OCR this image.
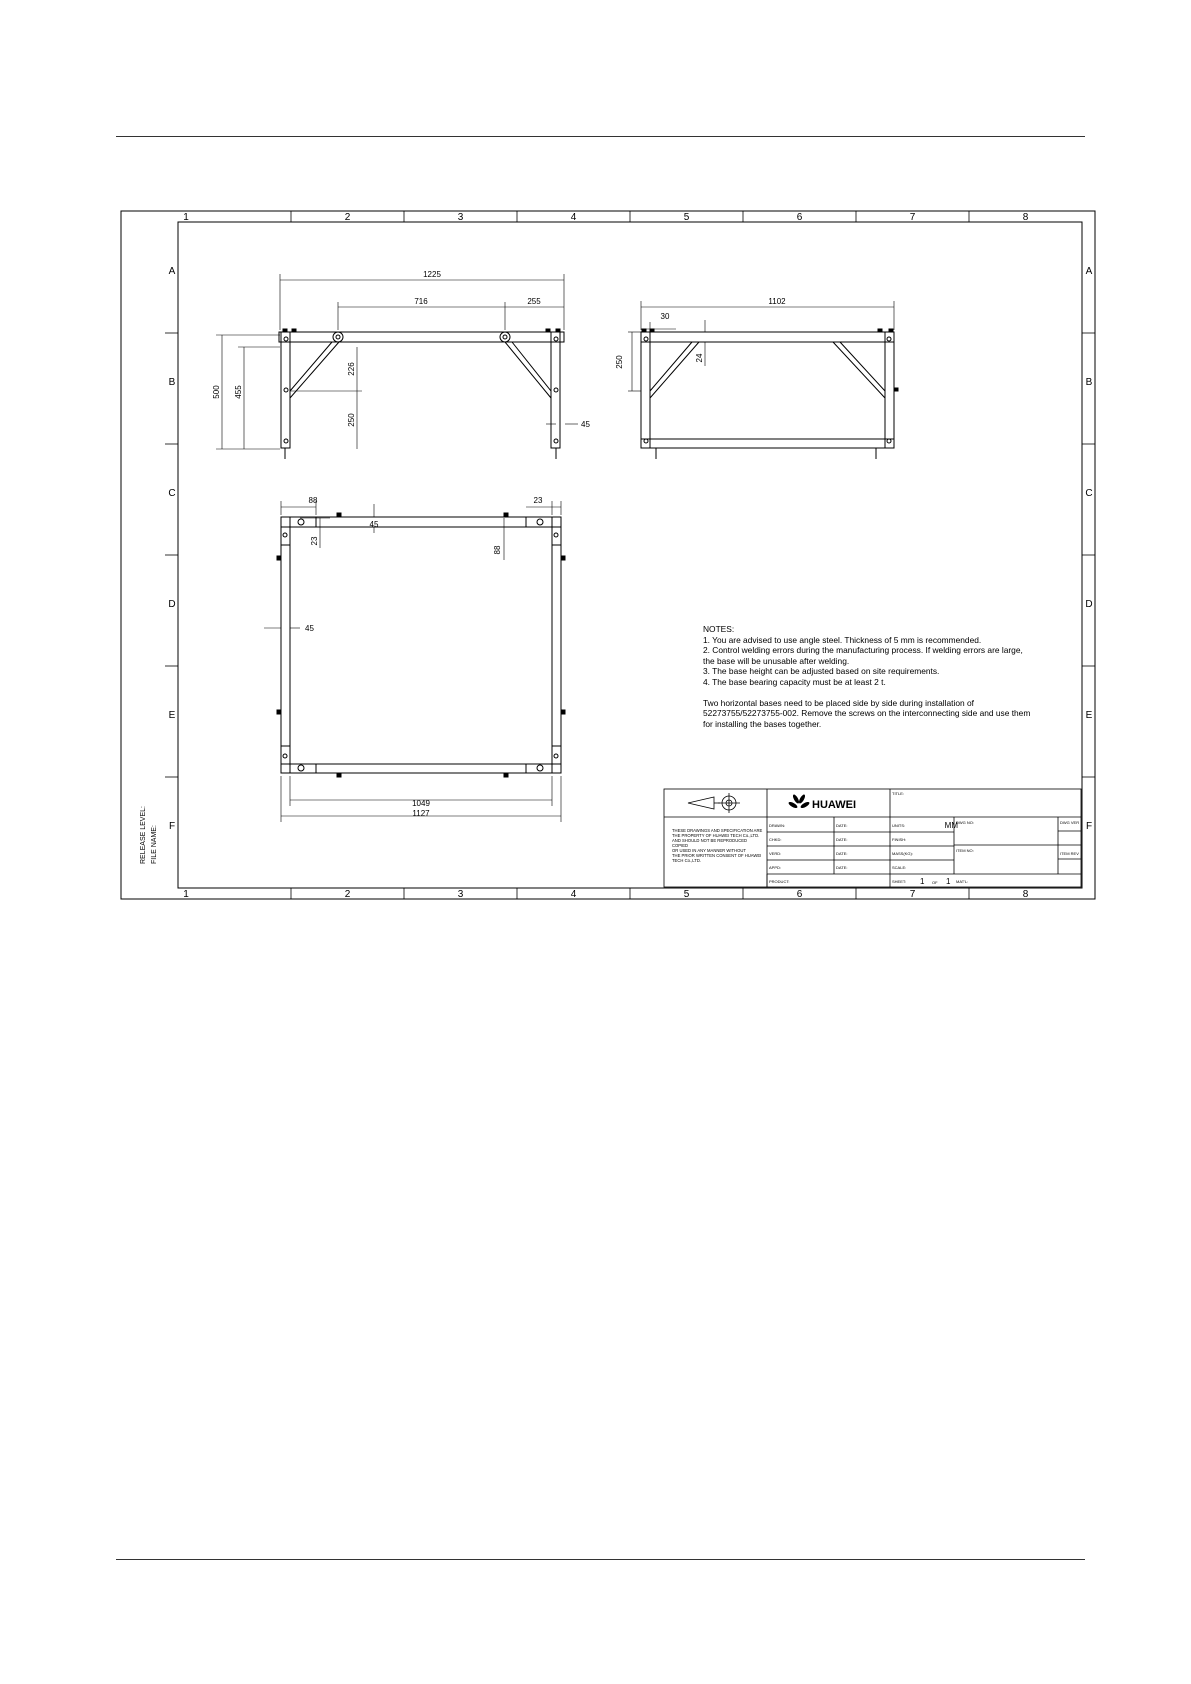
1
1
2
2
3
3
4
4
5
5
6
6
7
7
8
8
A	A
B	B
C	C
D	D
E	E
F	F
1225
716	255
500 455
226
250	45
1102
30
250	24
88	23
45
23
88
45
1049
1127
HUAWEI
MM
1 OF 1
NOTES:
1. You are advised to use angle steel. Thickness of 5 mm is recommended.
2. Control welding errors during the manufacturing process. If welding errors are large,
the base will be unusable after welding.
3. The base height can be adjusted based on site requirements.
4. The base bearing capacity must be at least 2 t.
Two horizontal bases need to be placed side by side during installation of
52273755/52273755-002. Remove the screws on the interconnecting side and use them
for installing the bases together.
THESE DRAWINGS AND SPECIFICATION ARE
THE PROPERTY OF HUAWEI TECH Co.,LTD.
AND SHOULD NOT BE REPRODUCED COPIED
OR USED IN ANY MANNER WITHOUT
THE PRIOR WRITTEN CONSENT OF HUAWEI
TECH Co.,LTD.
TITLE:
DRAWN:
CHKD:
VERD:
APPD:
PRODUCT:
DATE:
DATE:
DATE:
DATE:
UNITS:
FINISH:
MASS(KG):
SCALE:
SHEET:	MAT'L:
DWG NO:	DWG VER
ITEM NO:
ITEM REV
RELEASE LEVEL: FILE NAME:
